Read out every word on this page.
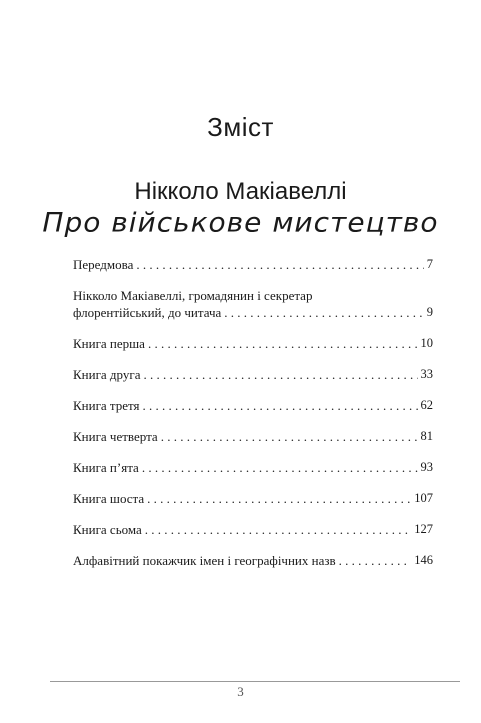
Зміст
Нікколо Макіавеллі
Про військове мистецтво
Передмова . . .	7
Нікколо Макіавеллі, громадянин і секретар
флорентійський, до читача . . .	9
Книга перша . . .	10
Книга друга . . .	33
Книга третя . . .	62
Книга четверта . . .	81
Книга п’ята . . .	93
Книга шоста . . .	107
Книга сьома . . .	127
Алфавітний покажчик імен і географічних назв . . .	146
3
